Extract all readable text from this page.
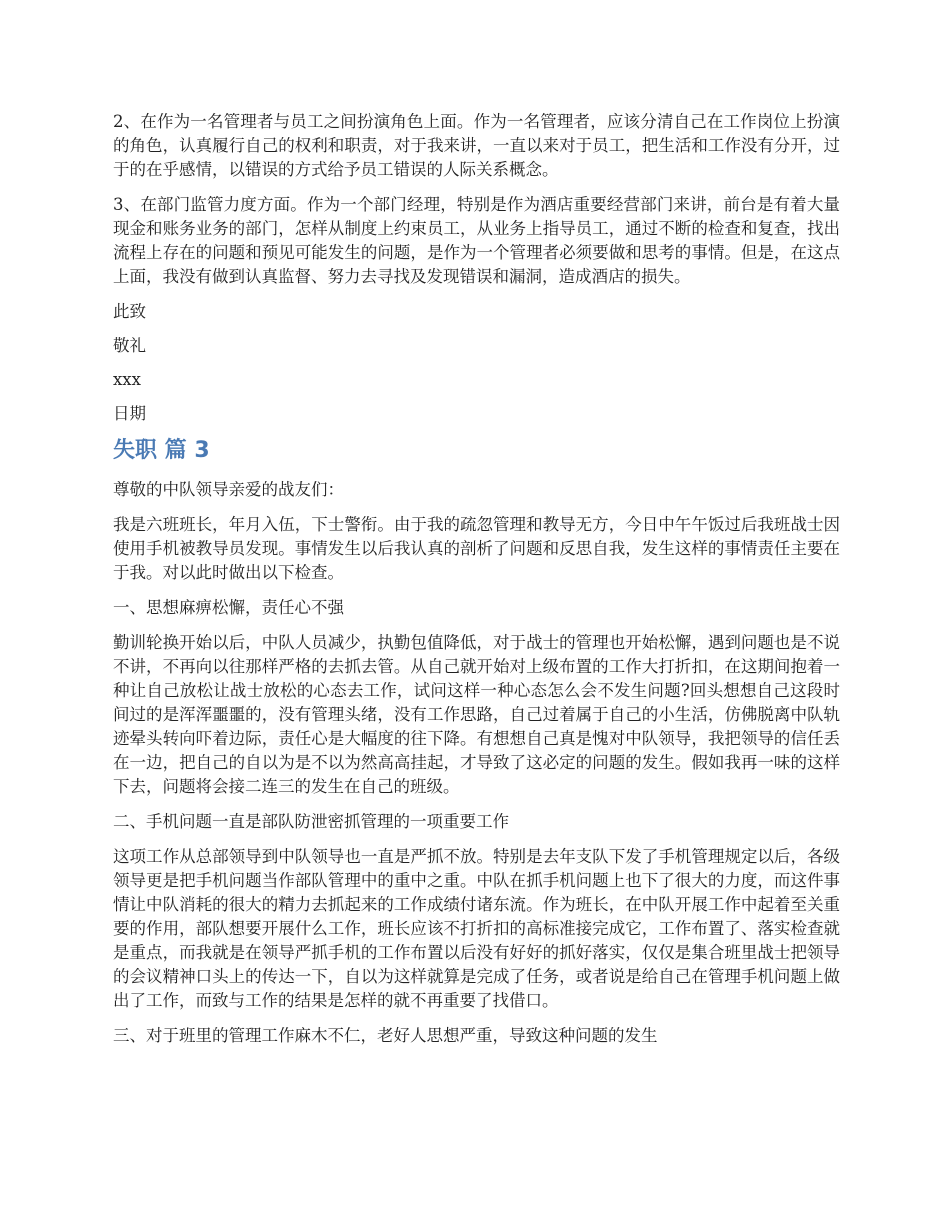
2、在作为一名管理者与员工之间扮演角色上面。作为一名管理者，应该分清自己在工作岗位上扮演的角色，认真履行自己的权利和职责，对于我来讲，一直以来对于员工，把生活和工作没有分开，过于的在乎感情，以错误的方式给予员工错误的人际关系概念。

3、在部门监管力度方面。作为一个部门经理，特别是作为酒店重要经营部门来讲，前台是有着大量现金和账务业务的部门，怎样从制度上约束员工，从业务上指导员工，通过不断的检查和复查，找出流程上存在的问题和预见可能发生的问题，是作为一个管理者必须要做和思考的事情。但是，在这点上面，我没有做到认真监督、努力去寻找及发现错误和漏洞，造成酒店的损失。

此致

敬礼

xxx

日期

失职 篇 3

尊敬的中队领导亲爱的战友们：

我是六班班长，年月入伍，下士警衔。由于我的疏忽管理和教导无方，今日中午午饭过后我班战士因使用手机被教导员发现。事情发生以后我认真的剖析了问题和反思自我，发生这样的事情责任主要在于我。对以此时做出以下检查。

一、思想麻痹松懈，责任心不强

勤训轮换开始以后，中队人员减少，执勤包值降低，对于战士的管理也开始松懈，遇到问题也是不说不讲，不再向以往那样严格的去抓去管。从自己就开始对上级布置的工作大打折扣，在这期间抱着一种让自己放松让战士放松的心态去工作，试问这样一种心态怎么会不发生问题?回头想想自己这段时间过的是浑浑噩噩的，没有管理头绪，没有工作思路，自己过着属于自己的小生活，仿佛脱离中队轨迹晕头转向吓着边际，责任心是大幅度的往下降。有想想自己真是愧对中队领导，我把领导的信任丢在一边，把自己的自以为是不以为然高高挂起，才导致了这必定的问题的发生。假如我再一味的这样下去，问题将会接二连三的发生在自己的班级。

二、手机问题一直是部队防泄密抓管理的一项重要工作

这项工作从总部领导到中队领导也一直是严抓不放。特别是去年支队下发了手机管理规定以后，各级领导更是把手机问题当作部队管理中的重中之重。中队在抓手机问题上也下了很大的力度，而这件事情让中队消耗的很大的精力去抓起来的工作成绩付诸东流。作为班长，在中队开展工作中起着至关重要的作用，部队想要开展什么工作，班长应该不打折扣的高标准接完成它，工作布置了、落实检查就是重点，而我就是在领导严抓手机的工作布置以后没有好好的抓好落实，仅仅是集合班里战士把领导的会议精神口头上的传达一下，自以为这样就算是完成了任务，或者说是给自己在管理手机问题上做出了工作，而致与工作的结果是怎样的就不再重要了找借口。

三、对于班里的管理工作麻木不仁，老好人思想严重，导致这种问题的发生
